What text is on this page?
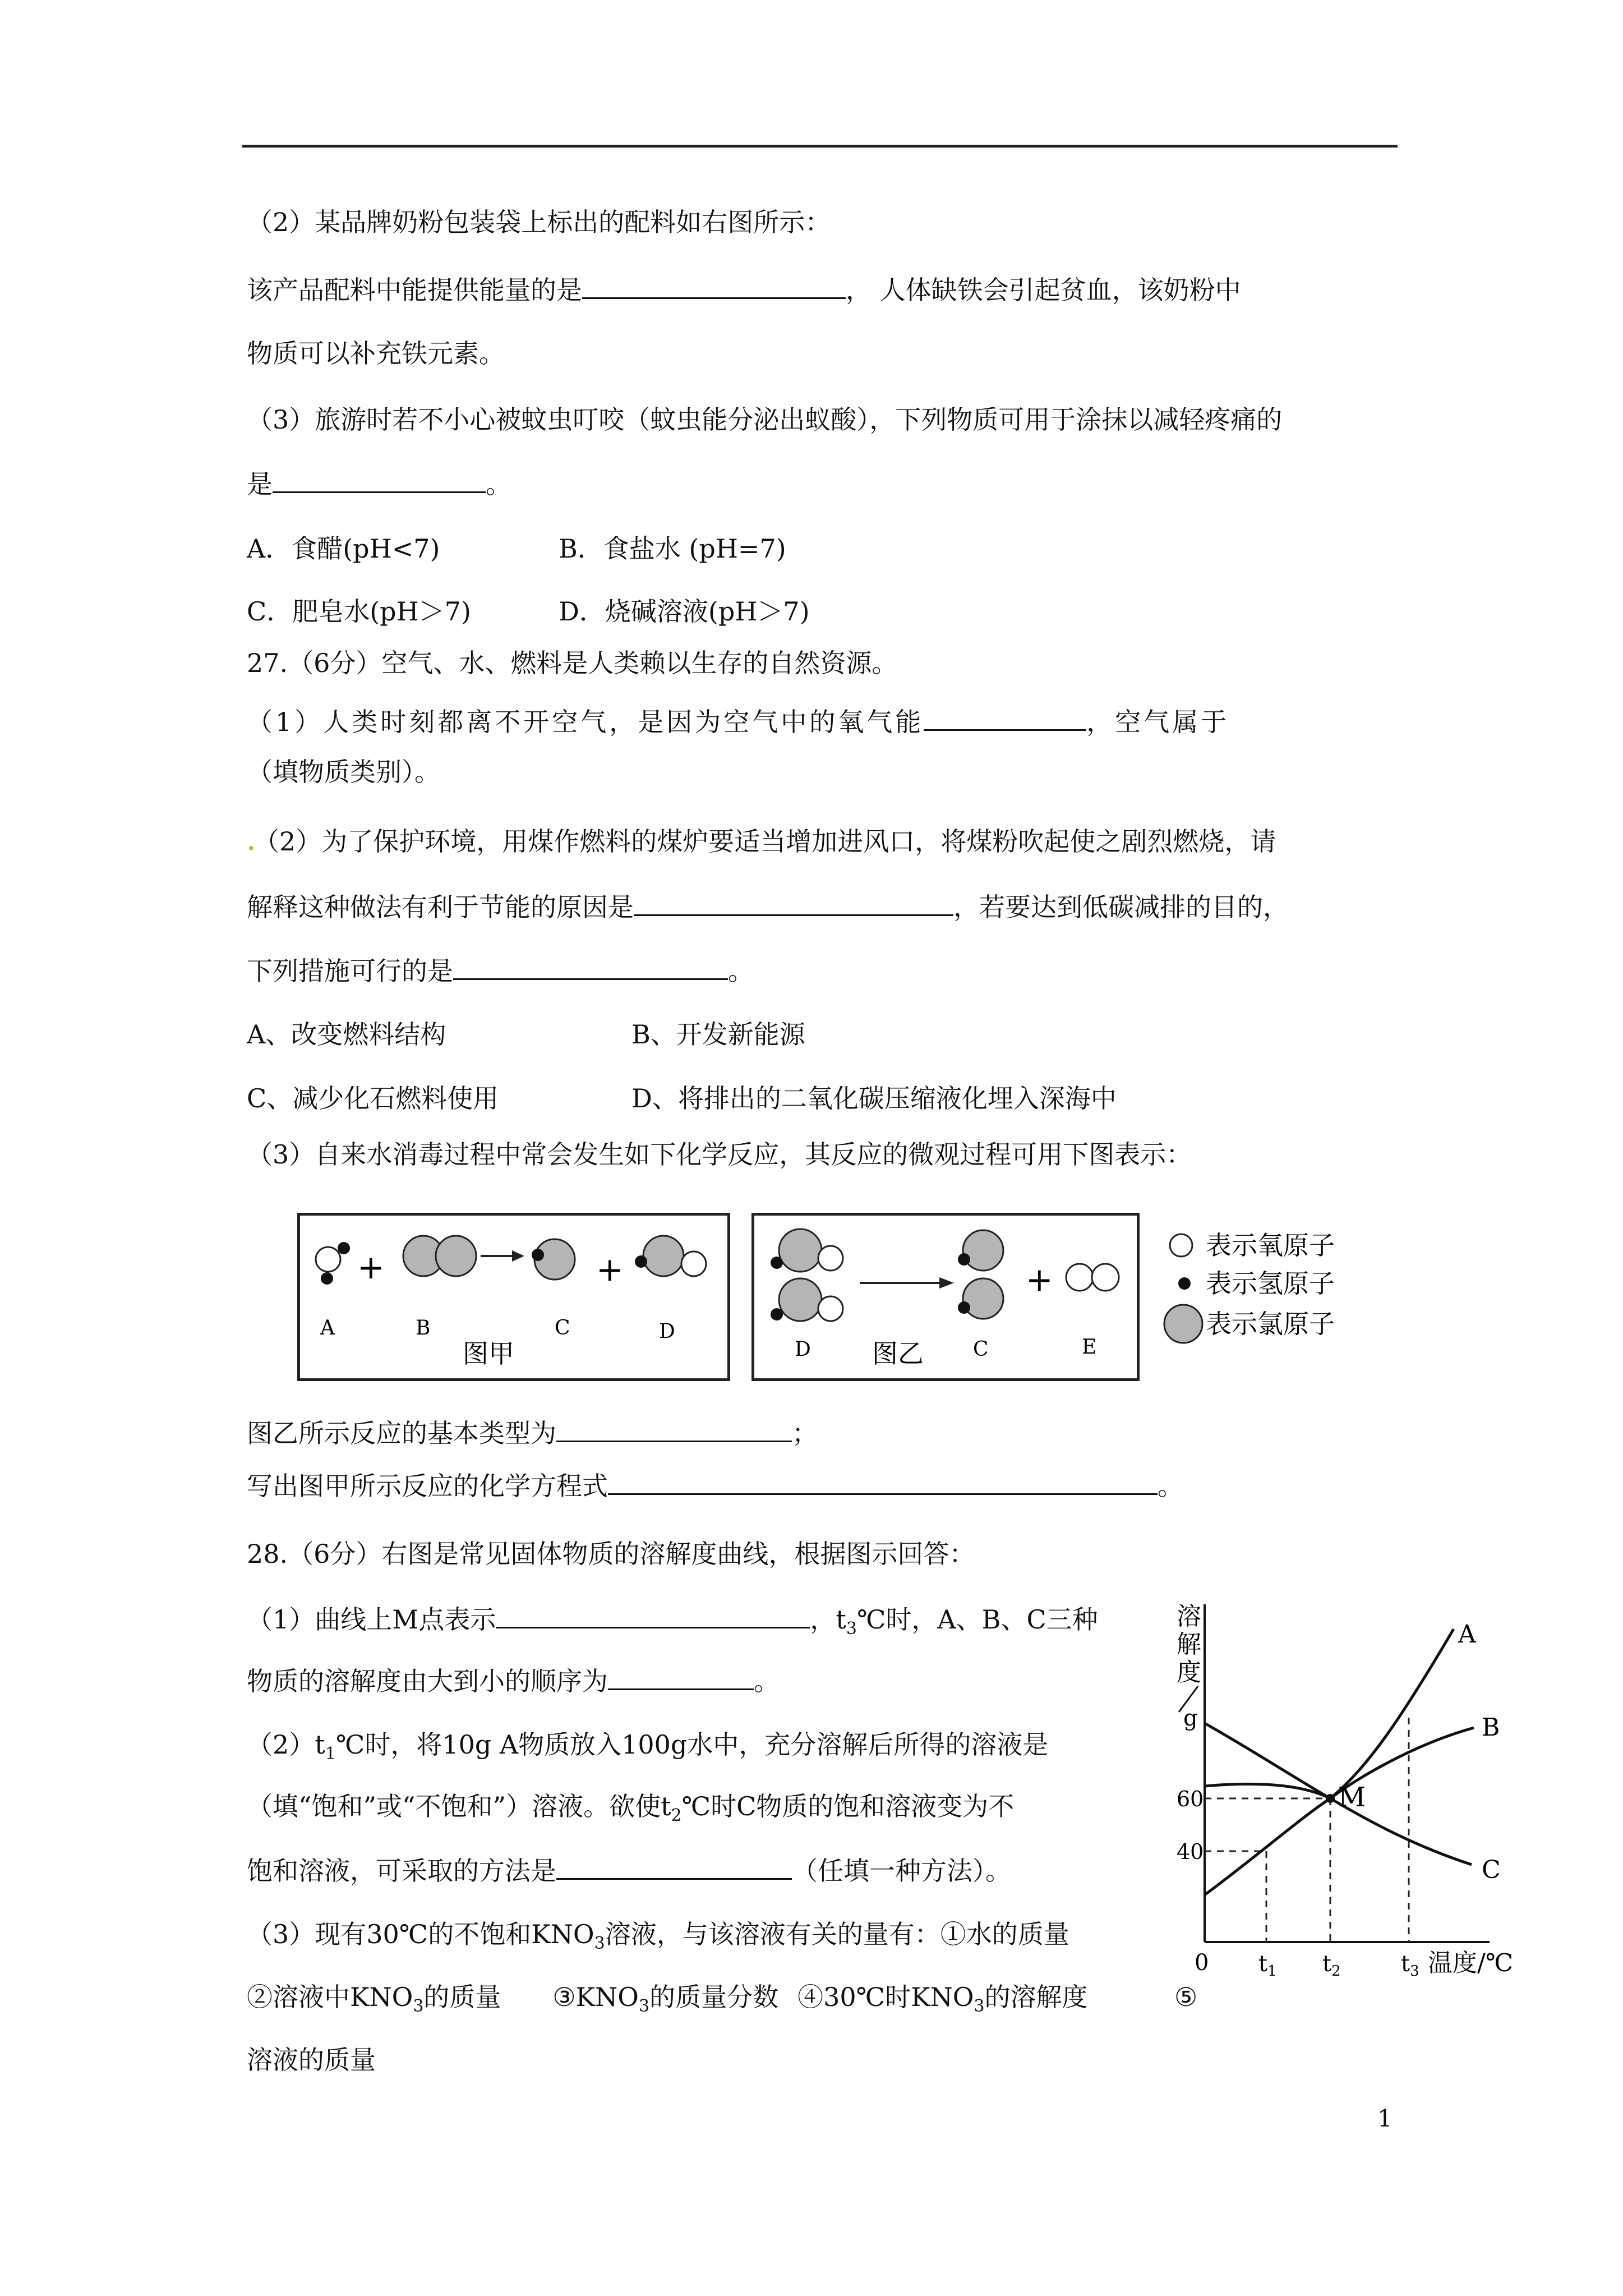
（2）某品牌奶粉包装袋上标出的配料如右图所示：
该产品配料中能提供能量的是	， 人体缺铁会引起贫血，该奶粉中
物质可以补充铁元素。
（3）旅游时若不小心被蚊虫叮咬（蚊虫能分泌出蚁酸），下列物质可用于涂抹以减轻疼痛的
是	。
A．食醋(pH<7)	B．食盐水 (pH=7)
C．肥皂水(pH＞7)	D．烧碱溶液(pH＞7)
27.（6分）空气、水、燃料是人类赖以生存的自然资源。
（1）人类时刻都离不开空气，是因为空气中的氧气能	，空气属于
（填物质类别）。
（2）为了保护环境，用煤作燃料的煤炉要适当增加进风口，将煤粉吹起使之剧烈燃烧，请
解释这种做法有利于节能的原因是	，若要达到低碳减排的目的，
下列措施可行的是	。
A、改变燃料结构	B、开发新能源
C、减少化石燃料使用	D、将排出的二氧化碳压缩液化埋入深海中
（3）自来水消毒过程中常会发生如下化学反应，其反应的微观过程可用下图表示：
+	+
A	B	C	D
图甲
+
D	C	E
图乙
表示氧原子
表示氢原子
表示氯原子
图乙所示反应的基本类型为	；
写出图甲所示反应的化学方程式	。
28.（6分）右图是常见固体物质的溶解度曲线，根据图示回答：
（1）曲线上M点表示	，$t_3℃$时，A、B、C三种
物质的溶解度由大到小的顺序为	。
$(2)t_1℃$时，将10g A物质放入100g水中，充分溶解后所得的溶液是
（填“饱和”或“不饱和”）溶液。欲使$t_2℃$时C物质的饱和溶液变为不
饱和溶液，可采取的方法是	（任填一种方法）。
（3）现有30℃的不饱和$KNO_3$溶液，与该溶液有关的量有：①水的质量
②溶液中$KNO_3$的质量 $③KNO_3$的质量分数 ④30℃时$KNO_3$的溶解度	⑤
溶液的质量
溶
解
度
g
M
A
B
C
60
40
0 $t_1$ $t_2$	$t_3$ 温度/℃
1
